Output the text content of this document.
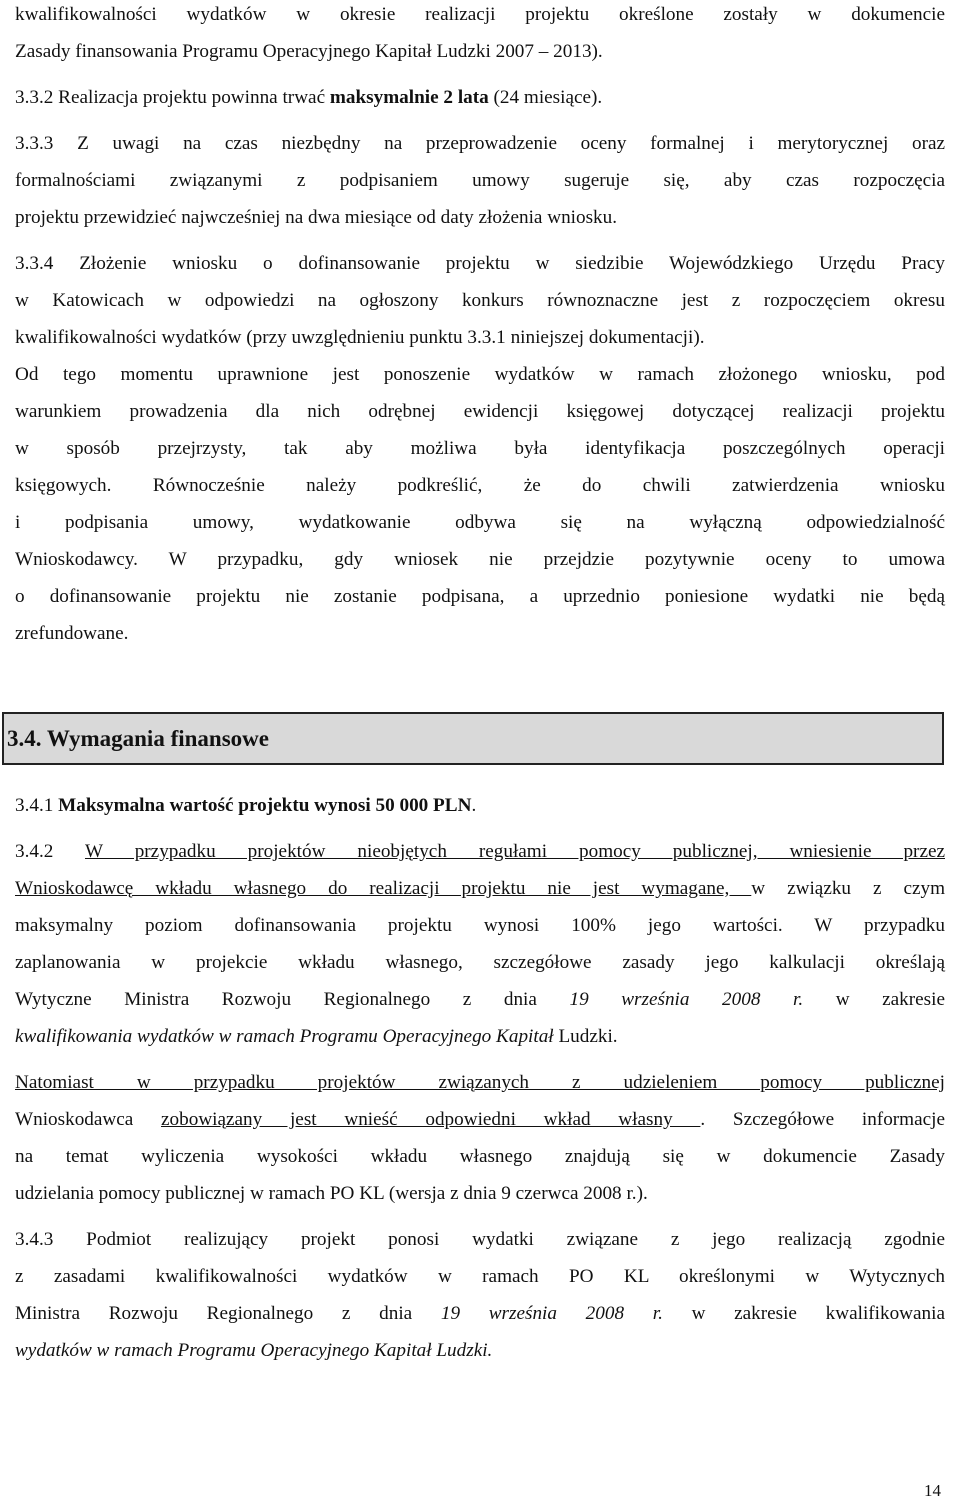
kwalifikowalności wydatków w okresie realizacji projektu określone zostały w dokumencie

Zasady finansowania Programu Operacyjnego Kapitał Ludzki 2007 – 2013).

3.3.2 Realizacja projektu powinna trwać maksymalnie 2 lata (24 miesiące).

3.3.3 Z uwagi na czas niezbędny na przeprowadzenie oceny formalnej i merytorycznej oraz

formalnościami związanymi z podpisaniem umowy sugeruje się, aby czas rozpoczęcia

projektu przewidzieć najwcześniej na dwa miesiące od daty złożenia wniosku.

3.3.4 Złożenie wniosku o dofinansowanie projektu w siedzibie Wojewódzkiego Urzędu Pracy

w Katowicach w odpowiedzi na ogłoszony konkurs równoznaczne jest z rozpoczęciem okresu

kwalifikowalności wydatków (przy uwzględnieniu punktu 3.3.1 niniejszej dokumentacji).

Od tego momentu uprawnione jest ponoszenie wydatków w ramach złożonego wniosku, pod

warunkiem prowadzenia dla nich odrębnej ewidencji księgowej dotyczącej realizacji projektu

w sposób przejrzysty, tak aby możliwa była identyfikacja poszczególnych operacji

księgowych. Równocześnie należy podkreślić, że do chwili zatwierdzenia wniosku

i podpisania umowy, wydatkowanie odbywa się na wyłączną odpowiedzialność

Wnioskodawcy. W przypadku, gdy wniosek nie przejdzie pozytywnie oceny to umowa

o dofinansowanie projektu nie zostanie podpisana, a uprzednio poniesione wydatki nie będą

zrefundowane.

3.4. Wymagania finansowe

3.4.1 Maksymalna wartość projektu wynosi 50 000 PLN.

3.4.2 W przypadku projektów nieobjętych regułami pomocy publicznej, wniesienie przez

Wnioskodawcę wkładu własnego do realizacji projektu nie jest wymagane, w związku z czym

maksymalny poziom dofinansowania projektu wynosi 100% jego wartości. W przypadku

zaplanowania w projekcie wkładu własnego, szczegółowe zasady jego kalkulacji określają

Wytyczne Ministra Rozwoju Regionalnego z dnia 19 września 2008 r. w zakresie

kwalifikowania wydatków w ramach Programu Operacyjnego Kapitał Ludzki.

Natomiast w przypadku projektów związanych z udzieleniem pomocy publicznej

Wnioskodawca zobowiązany jest wnieść odpowiedni wkład własny . Szczegółowe informacje

na temat wyliczenia wysokości wkładu własnego znajdują się w dokumencie Zasady

udzielania pomocy publicznej w ramach PO KL (wersja z dnia 9 czerwca 2008 r.).

3.4.3 Podmiot realizujący projekt ponosi wydatki związane z jego realizacją zgodnie

z zasadami kwalifikowalności wydatków w ramach PO KL określonymi w Wytycznych

Ministra Rozwoju Regionalnego z dnia 19 września 2008 r. w zakresie kwalifikowania

wydatków w ramach Programu Operacyjnego Kapitał Ludzki.

14
